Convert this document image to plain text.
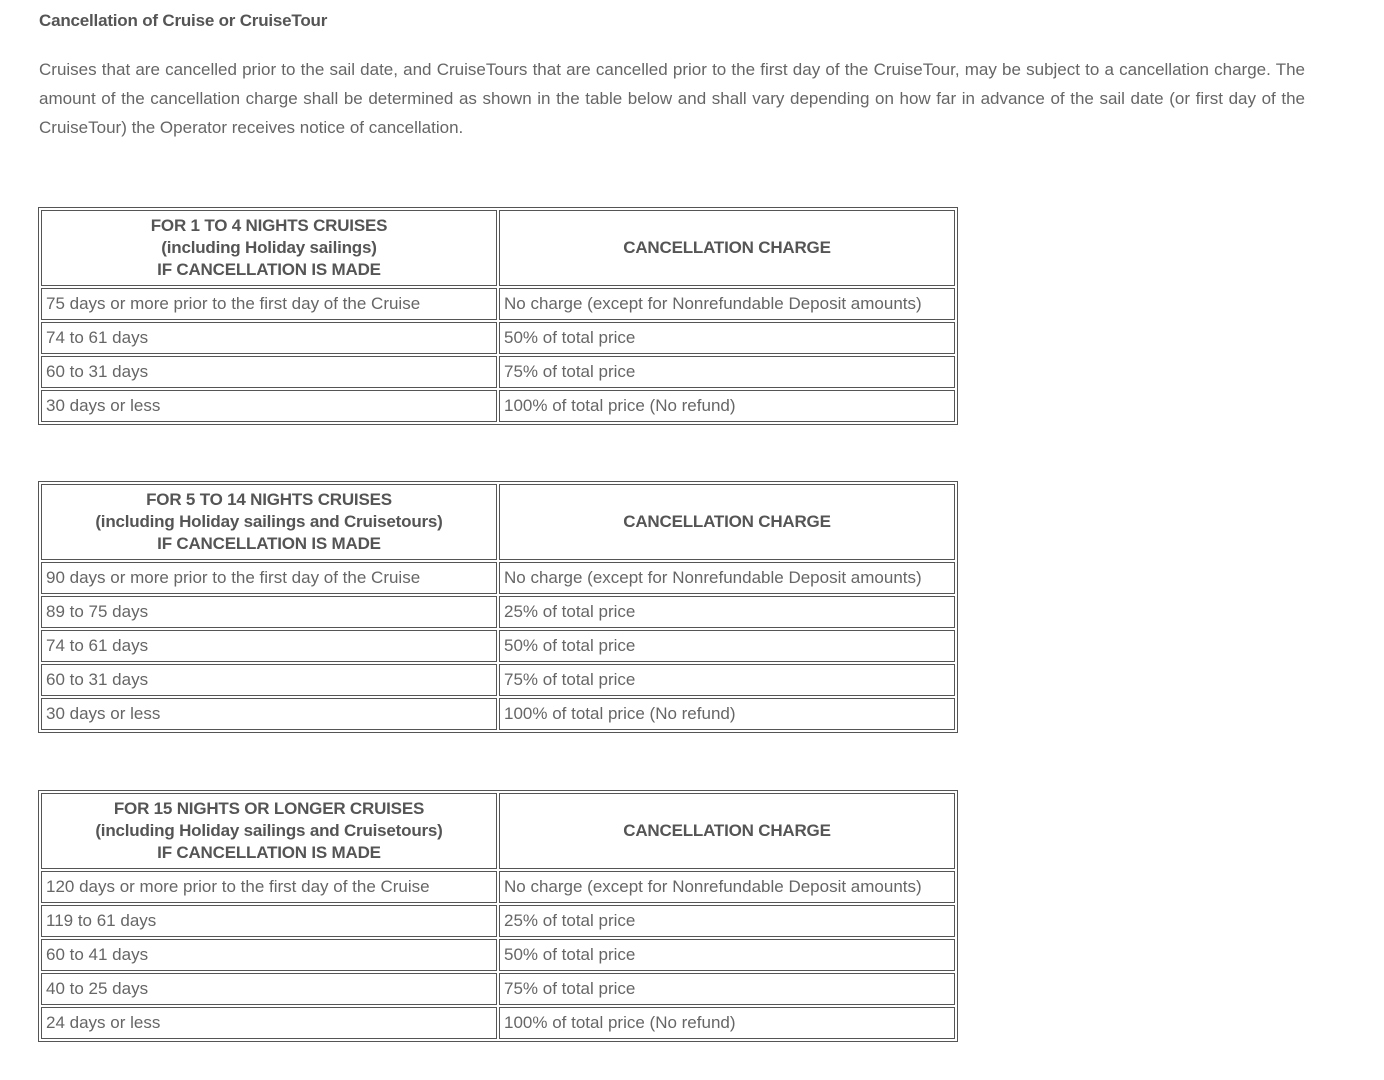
Cancellation of Cruise or CruiseTour

Cruises that are cancelled prior to the sail date, and CruiseTours that are cancelled prior to the first day of the CruiseTour, may be subject to a cancellation charge. The amount of the cancellation charge shall be determined as shown in the table below and shall vary depending on how far in advance of the sail date (or first day of the CruiseTour) the Operator receives notice of cancellation.

FOR 1 TO 4 NIGHTS CRUISES
(including Holiday sailings)
IF CANCELLATION IS MADE	CANCELLATION CHARGE
75 days or more prior to the first day of the Cruise	No charge (except for Nonrefundable Deposit amounts)
74 to 61 days	50% of total price
60 to 31 days	75% of total price
30 days or less	100% of total price (No refund)
FOR 5 TO 14 NIGHTS CRUISES
(including Holiday sailings and Cruisetours)
IF CANCELLATION IS MADE	CANCELLATION CHARGE
90 days or more prior to the first day of the Cruise	No charge (except for Nonrefundable Deposit amounts)
89 to 75 days	25% of total price
74 to 61 days	50% of total price
60 to 31 days	75% of total price
30 days or less	100% of total price (No refund)
FOR 15 NIGHTS OR LONGER CRUISES
(including Holiday sailings and Cruisetours)
IF CANCELLATION IS MADE	CANCELLATION CHARGE
120 days or more prior to the first day of the Cruise	No charge (except for Nonrefundable Deposit amounts)
119 to 61 days	25% of total price
60 to 41 days	50% of total price
40 to 25 days	75% of total price
24 days or less	100% of total price (No refund)
